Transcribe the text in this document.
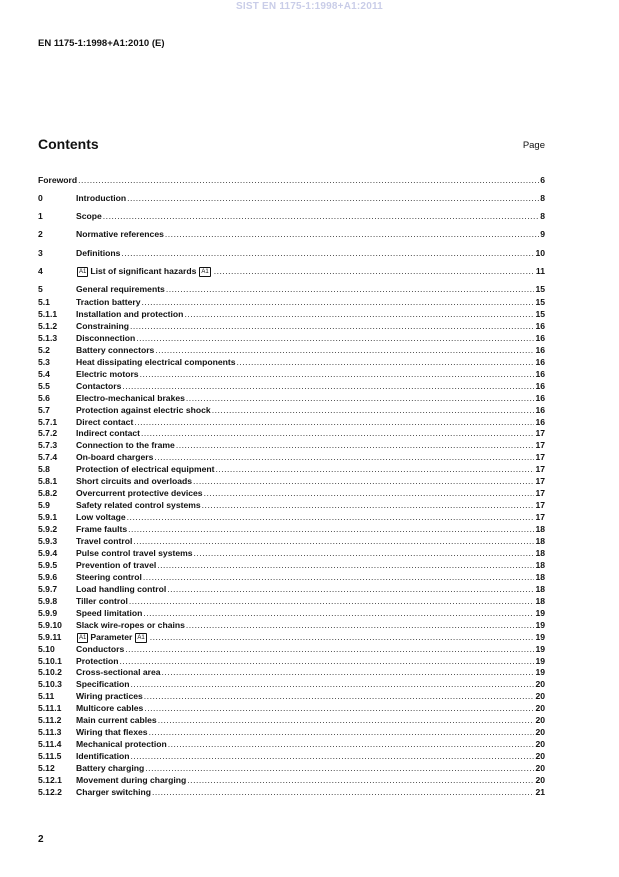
SIST EN 1175-1:1998+A1:2011
EN 1175-1:1998+A1:2010 (E)
Contents	Page
Foreword .....	6
0	Introduction .....	8
1	Scope .....	8
2	Normative references .....	9
3	Definitions .....	10
4	A1 List of significant hazards A1 .....	11
5	General requirements .....	15
5.1	Traction battery .....	15
5.1.1	Installation and protection .....	15
5.1.2	Constraining .....	16
5.1.3	Disconnection .....	16
5.2	Battery connectors .....	16
5.3	Heat dissipating electrical components .....	16
5.4	Electric motors .....	16
5.5	Contactors .....	16
5.6	Electro-mechanical brakes .....	16
5.7	Protection against electric shock .....	16
5.7.1	Direct contact .....	16
5.7.2	Indirect contact .....	17
5.7.3	Connection to the frame .....	17
5.7.4	On-board chargers .....	17
5.8	Protection of electrical equipment .....	17
5.8.1	Short circuits and overloads .....	17
5.8.2	Overcurrent protective devices .....	17
5.9	Safety related control systems .....	17
5.9.1	Low voltage .....	17
5.9.2	Frame faults .....	18
5.9.3	Travel control .....	18
5.9.4	Pulse control travel systems .....	18
5.9.5	Prevention of travel .....	18
5.9.6	Steering control .....	18
5.9.7	Load handling control .....	18
5.9.8	Tiller control .....	18
5.9.9	Speed limitation .....	19
5.9.10	Slack wire-ropes or chains .....	19
5.9.11	A1 Parameter A1 .....	19
5.10	Conductors .....	19
5.10.1	Protection .....	19
5.10.2	Cross-sectional area .....	19
5.10.3	Specification .....	20
5.11	Wiring practices .....	20
5.11.1	Multicore cables .....	20
5.11.2	Main current cables .....	20
5.11.3	Wiring that flexes .....	20
5.11.4	Mechanical protection .....	20
5.11.5	Identification .....	20
5.12	Battery charging .....	20
5.12.1	Movement during charging .....	20
5.12.2	Charger switching .....	21
2
